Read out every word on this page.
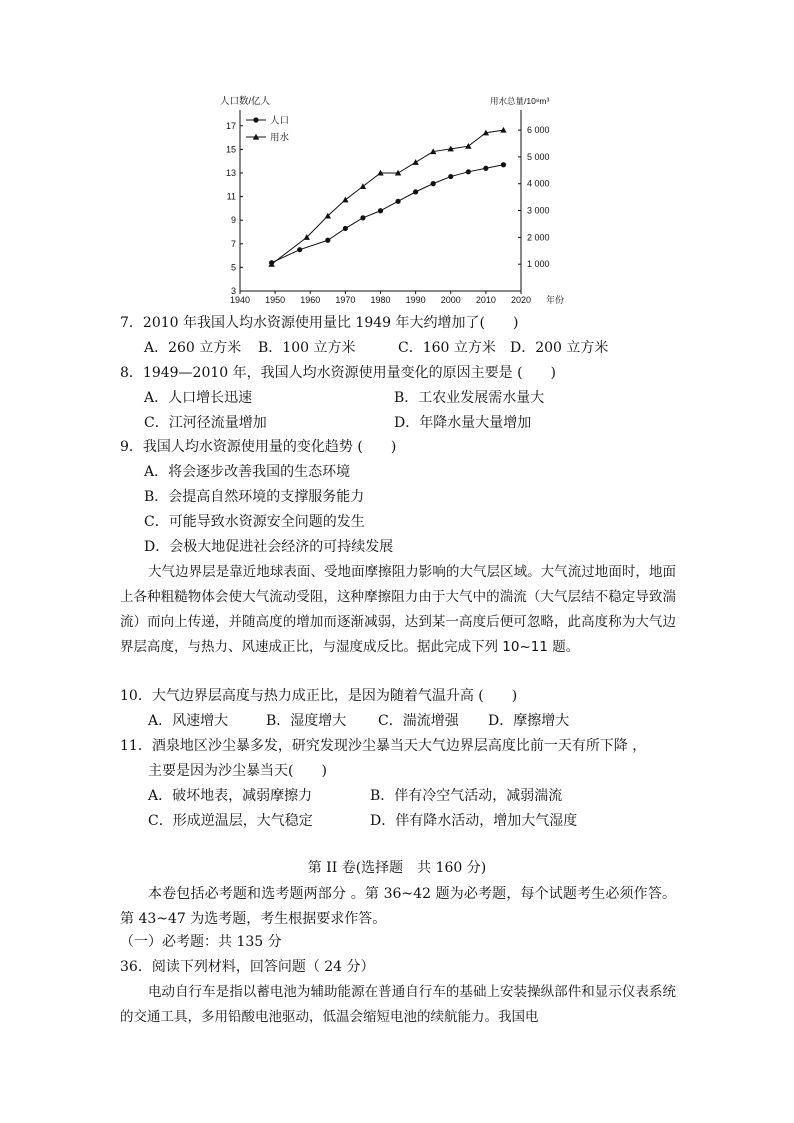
人口数/亿人	用水总量/10⁸m³
1940 1950 1960 1970 1980 1990 2000 2010 2020 年份
3
5
7
9
11
13
15
17
1 000
2 000
3 000
4 000
5 000
6 000
人口
用水
7．2010 年我国人均水资源使用量比 1949 年大约增加了(　　)
A．260 立方米 B．100 立方米	C．160 立方米 D．200 立方米
8．1949—2010 年，我国人均水资源使用量变化的原因主要是 (　　)
A．人口增长迅速	B．工农业发展需水量大
C．江河径流量增加	D．年降水量大量增加
9．我国人均水资源使用量的变化趋势 (　　)
A．将会逐步改善我国的生态环境
B．会提高自然环境的支撑服务能力
C．可能导致水资源安全问题的发生
D．会极大地促进社会经济的可持续发展
大气边界层是靠近地球表面、受地面摩擦阻力影响的大气层区域。大气流过地面时，地面上各种粗糙物体会使大气流动受阻，这种摩擦阻力由于大气中的湍流（大气层结不稳定导致湍流）而向上传递，并随高度的增加而逐渐减弱，达到某一高度后便可忽略，此高度称为大气边界层高度，与热力、风速成正比，与湿度成反比。据此完成下列 10~11 题。
10．大气边界层高度与热力成正比，是因为随着气温升高 (　　)
A．风速增大	B．湿度增大 C．湍流增强 D．摩擦增大
11．酒泉地区沙尘暴多发，研究发现沙尘暴当天大气边界层高度比前一天有所下降 ，
主要是因为沙尘暴当天(　　)
A．破坏地表，减弱摩擦力	B．伴有冷空气活动，减弱湍流
C．形成逆温层，大气稳定	D．伴有降水活动，增加大气湿度
第 II 卷(选择题　共 160 分)
本卷包括必考题和选考题两部分 。第 36~42 题为必考题，每个试题考生必须作答。第 43~47 为选考题，考生根据要求作答。
（一）必考题：共 135 分
36．阅读下列材料，回答问题（ 24 分）
电动自行车是指以蓄电池为辅助能源在普通自行车的基础上安装操纵部件和显示仪表系统的交通工具，多用铅酸电池驱动，低温会缩短电池的续航能力。我国电
